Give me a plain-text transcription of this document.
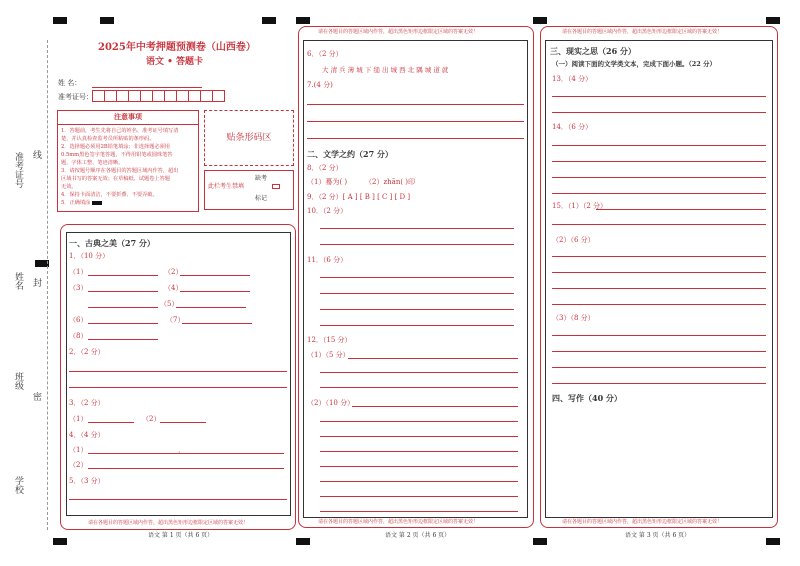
准考证号 线
姓名 封
班级
密
学校
2025年中考押题预测卷（山西卷）
语文 • 答题卡
姓 名：
准考证号：
注意事项
1．答题前，考生先将自己的姓名、准考证号填写清
楚，并认真检查监考员所粘贴的条形码。
2．选择题必须用2B铅笔填涂；非选择题必须用
0.5mm黑色签字笔答题，不得用铅笔或圆珠笔答
题，字体工整、笔迹清晰。
3．请按题号顺序在各题目的答题区域内作答，超出
区域书写的答案无效；在草稿纸、试题卷上答题
无效。
4．保持卡面清洁，不要折叠、不要弄破。
5．正确填涂
贴条形码区
此栏考生禁填
缺考
标记
一、古典之美（27 分）
1．（10 分）
（1）	（2）
（3）	（4）
（5）
（6）	（7）
（8）
2．（2 分）
3．（2 分）
（1）	（2）
4．（4 分）
（1）	，
（2）
5．（3 分）
请在各题目的答题区域内作答，超出黑色矩形边框限定区域的答案无效！
语文 第 1 页（共 6 页）
请在各题目的答题区域内作答，超出黑色矩形边框限定区域的答案无效！
请在各题目的答题区域内作答，超出黑色矩形边框限定区域的答案无效！
6．（2 分）
大 清 兵 薄 城 下 缒 出 城 西 北 隅 城 道 就
7.(4 分)
二、文学之约（27 分）
8．（2 分）
（1）蓦为( )	（2）zhān( )印
9．（2 分）[ A ] [ B ] [ C ] [ D ]
10．（2 分）
11．（6 分）
12．（15 分）
（1）（5 分）
（2）（10 分）
语文 第 2 页（共 6 页）
请在各题目的答题区域内作答，超出黑色矩形边框限定区域的答案无效！
请在各题目的答题区域内作答，超出黑色矩形边框限定区域的答案无效！
三、现实之思（26 分）
（一）阅读下面的文学类文本，完成下面小题。（22 分）
13．（4 分）
14．（6 分）
15．（1）（2 分）
（2）（6 分）
（3）（8 分）
四、写作（40 分）
语文 第 3 页（共 6 页）
